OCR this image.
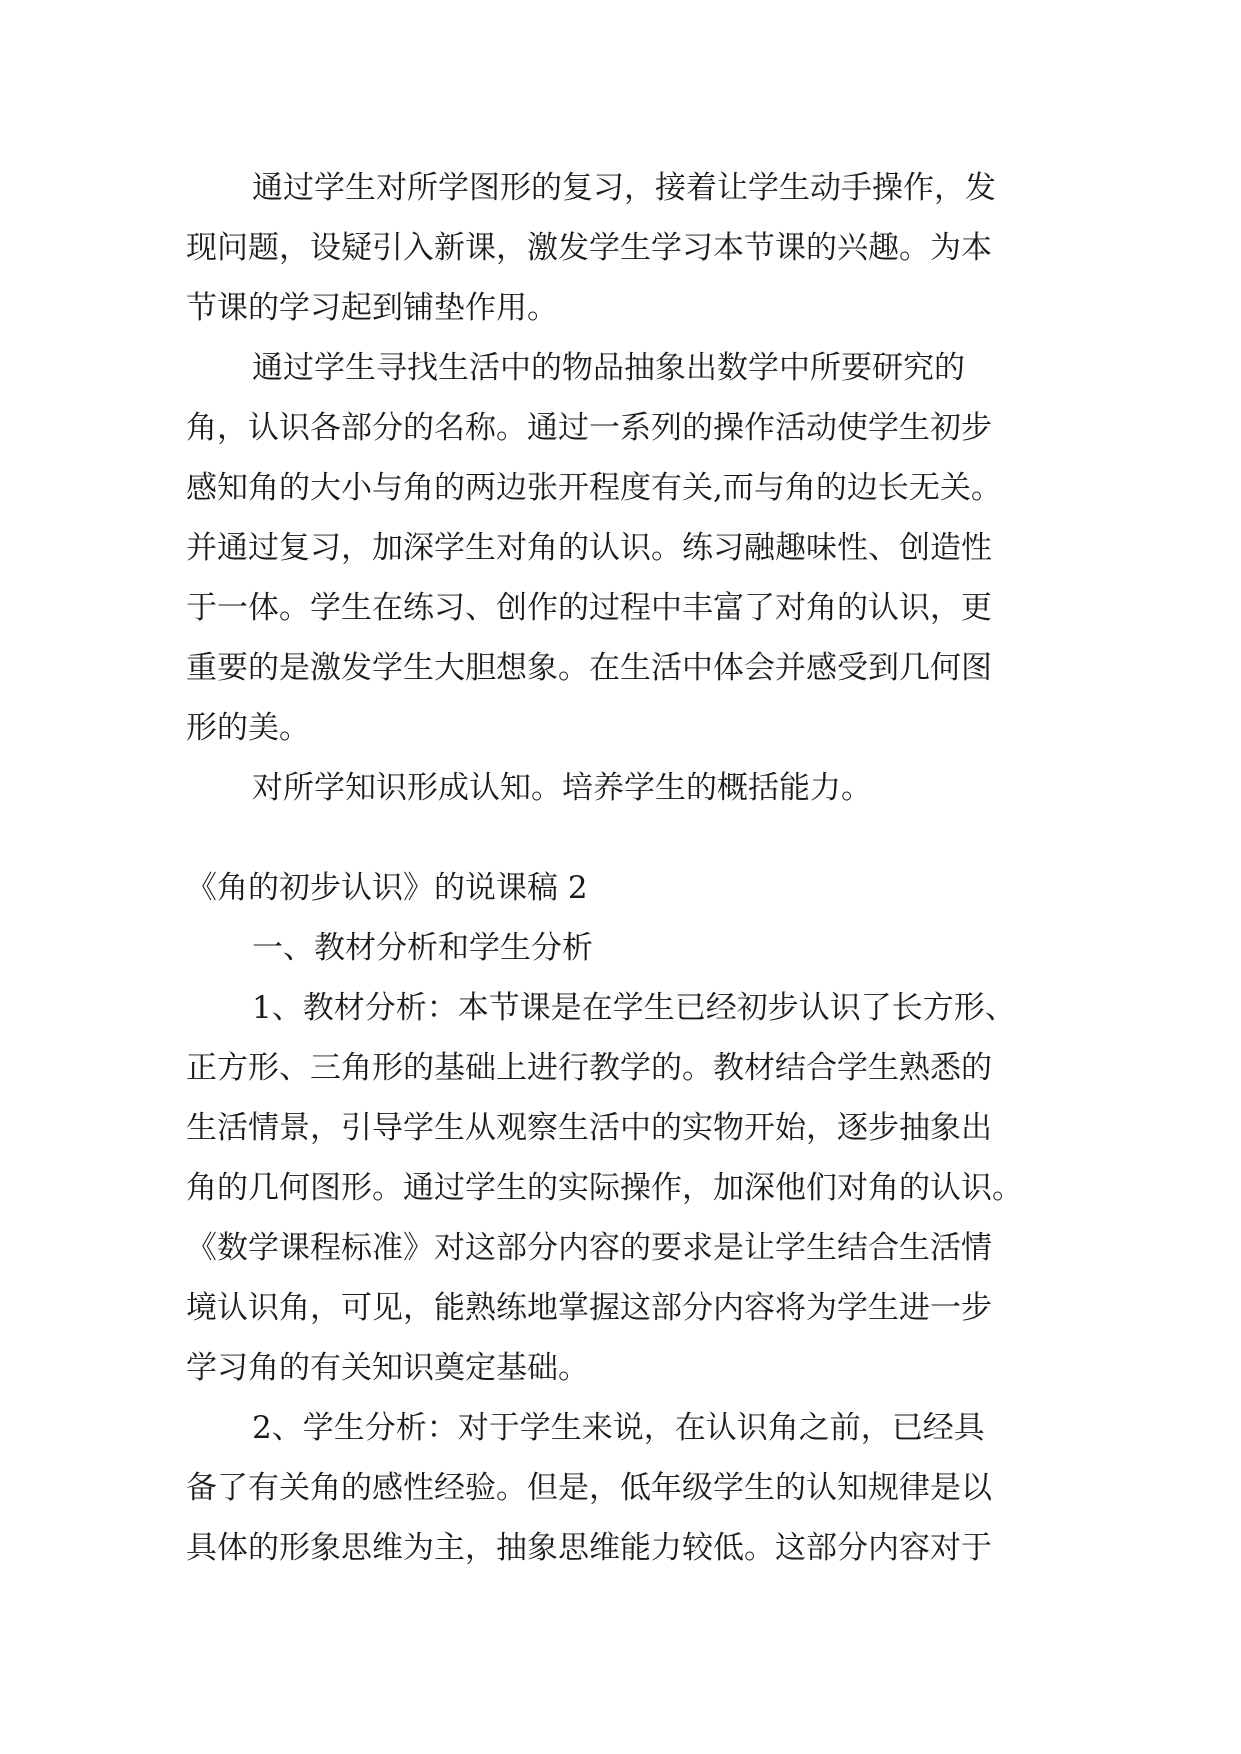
通过学生对所学图形的复习，接着让学生动手操作，发
现问题，设疑引入新课，激发学生学习本节课的兴趣。为本
节课的学习起到铺垫作用。
通过学生寻找生活中的物品抽象出数学中所要研究的
角，认识各部分的名称。通过一系列的操作活动使学生初步
感知角的大小与角的两边张开程度有关,而与角的边长无关。
并通过复习，加深学生对角的认识。练习融趣味性、创造性
于一体。学生在练习、创作的过程中丰富了对角的认识，更
重要的是激发学生大胆想象。在生活中体会并感受到几何图
形的美。
对所学知识形成认知。培养学生的概括能力。
《角的初步认识》的说课稿 2
一、教材分析和学生分析
1、教材分析：本节课是在学生已经初步认识了长方形、
正方形、三角形的基础上进行教学的。教材结合学生熟悉的
生活情景，引导学生从观察生活中的实物开始，逐步抽象出
角的几何图形。通过学生的实际操作，加深他们对角的认识。
《数学课程标准》对这部分内容的要求是让学生结合生活情
境认识角，可见，能熟练地掌握这部分内容将为学生进一步
学习角的有关知识奠定基础。
2、学生分析：对于学生来说，在认识角之前，已经具
备了有关角的感性经验。但是，低年级学生的认知规律是以
具体的形象思维为主，抽象思维能力较低。这部分内容对于
